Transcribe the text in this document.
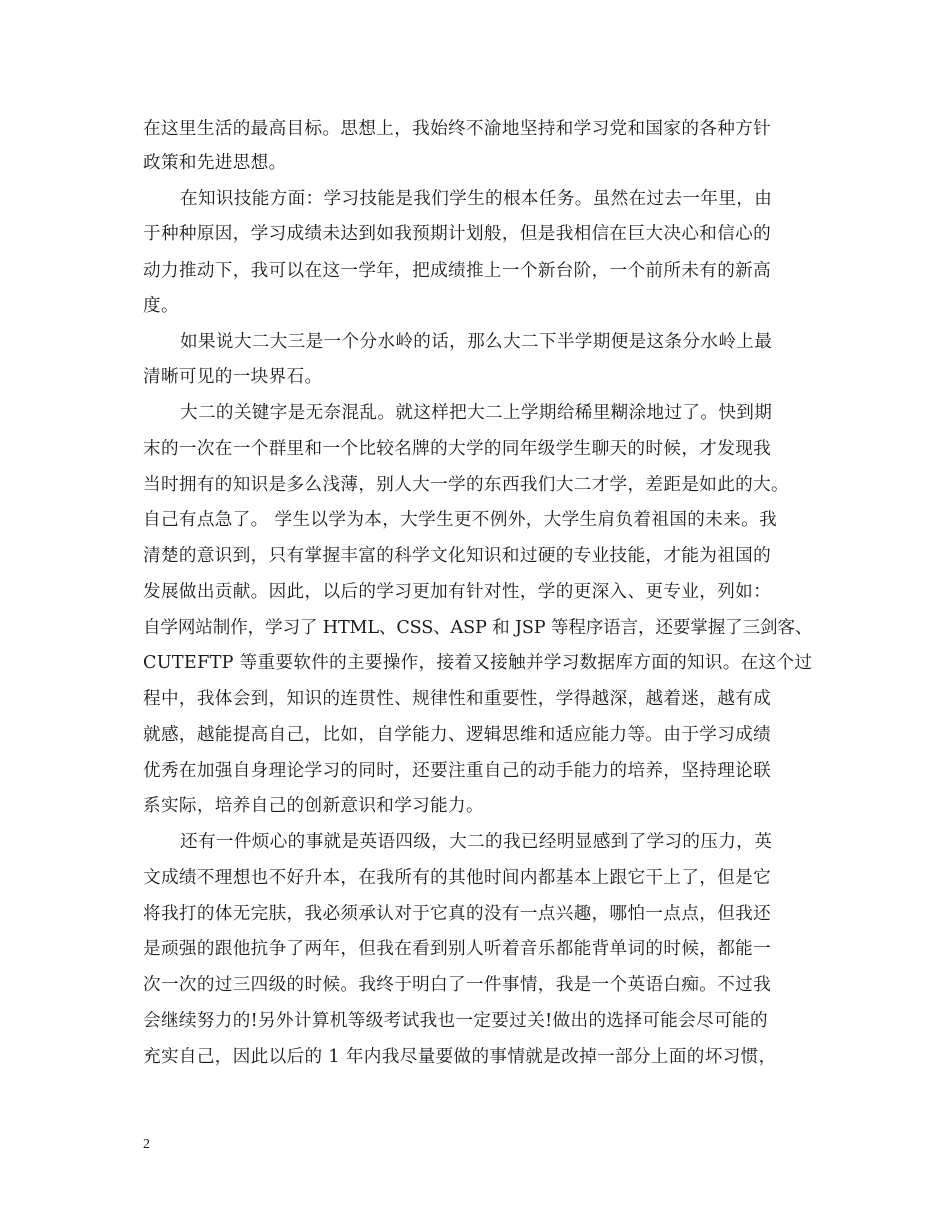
在这里生活的最高目标。思想上，我始终不渝地坚持和学习党和国家的各种方针
政策和先进思想。
在知识技能方面：学习技能是我们学生的根本任务。虽然在过去一年里，由
于种种原因，学习成绩未达到如我预期计划般，但是我相信在巨大决心和信心的
动力推动下，我可以在这一学年，把成绩推上一个新台阶，一个前所未有的新高
度。
如果说大二大三是一个分水岭的话，那么大二下半学期便是这条分水岭上最
清晰可见的一块界石。
大二的关键字是无奈混乱。就这样把大二上学期给稀里糊涂地过了。快到期
末的一次在一个群里和一个比较名牌的大学的同年级学生聊天的时候，才发现我
当时拥有的知识是多么浅薄，别人大一学的东西我们大二才学，差距是如此的大。
自己有点急了。 学生以学为本，大学生更不例外，大学生肩负着祖国的未来。我
清楚的意识到，只有掌握丰富的科学文化知识和过硬的专业技能，才能为祖国的
发展做出贡献。因此，以后的学习更加有针对性，学的更深入、更专业，列如：
自学网站制作，学习了 HTML、CSS、ASP 和 JSP 等程序语言，还要掌握了三剑客、
CUTEFTP 等重要软件的主要操作，接着又接触并学习数据库方面的知识。在这个过
程中，我体会到，知识的连贯性、规律性和重要性，学得越深，越着迷，越有成
就感，越能提高自己，比如，自学能力、逻辑思维和适应能力等。由于学习成绩
优秀在加强自身理论学习的同时，还要注重自己的动手能力的培养，坚持理论联
系实际，培养自己的创新意识和学习能力。
还有一件烦心的事就是英语四级，大二的我已经明显感到了学习的压力，英
文成绩不理想也不好升本，在我所有的其他时间内都基本上跟它干上了，但是它
将我打的体无完肤，我必须承认对于它真的没有一点兴趣，哪怕一点点，但我还
是顽强的跟他抗争了两年，但我在看到别人听着音乐都能背单词的时候，都能一
次一次的过三四级的时候。我终于明白了一件事情，我是一个英语白痴。不过我
会继续努力的!另外计算机等级考试我也一定要过关!做出的选择可能会尽可能的
充实自己，因此以后的 1 年内我尽量要做的事情就是改掉一部分上面的坏习惯，
2
